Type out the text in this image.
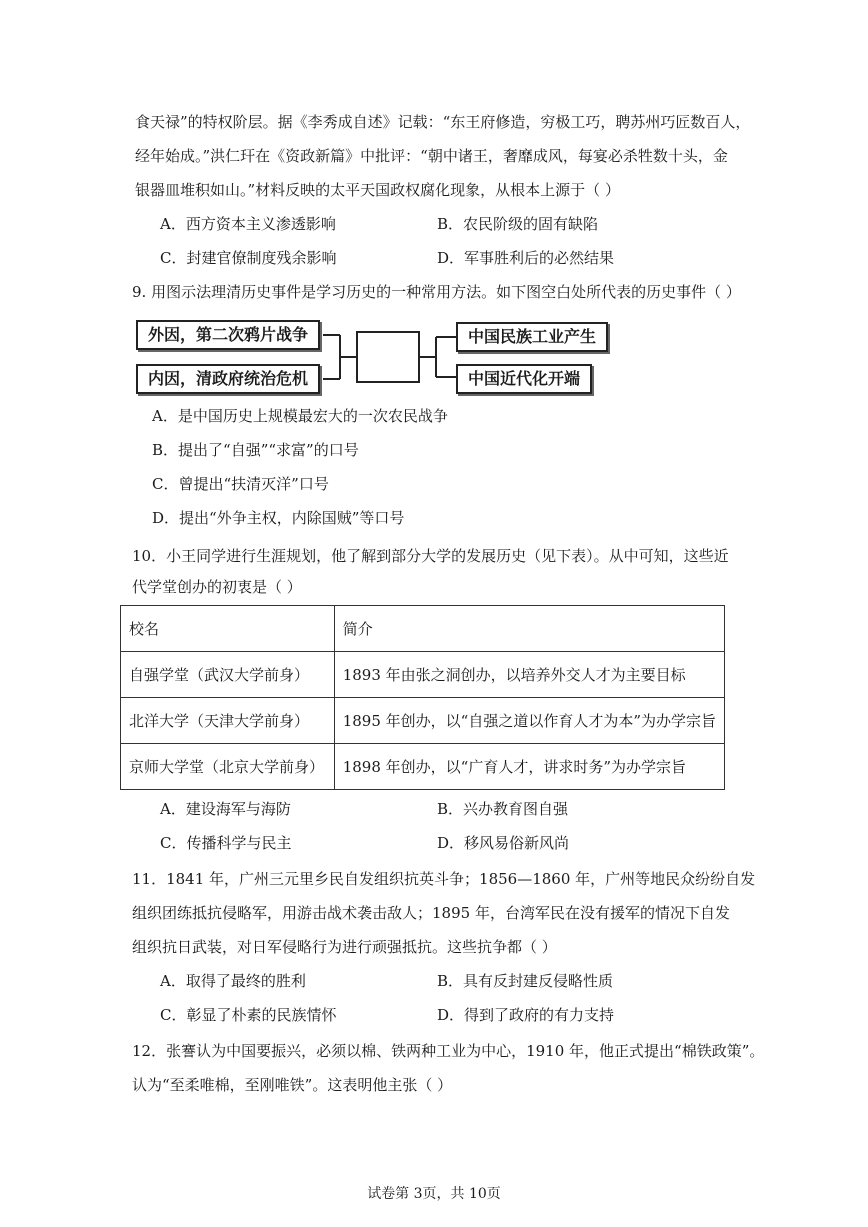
食天禄”的特权阶层。据《李秀成自述》记载：“东王府修造，穷极工巧，聘苏州巧匠数百人，
经年始成。”洪仁玕在《资政新篇》中批评：“朝中诸王，奢靡成风，每宴必杀牲数十头，金
银器皿堆积如山。”材料反映的太平天国政权腐化现象，从根本上源于（ ）
A．西方资本主义渗透影响	B．农民阶级的固有缺陷
C．封建官僚制度残余影响	D．军事胜利后的必然结果
9. 用图示法理清历史事件是学习历史的一种常用方法。如下图空白处所代表的历史事件（ ）
外因，第二次鸦片战争
内因，清政府统治危机
中国民族工业产生
中国近代化开端
A．是中国历史上规模最宏大的一次农民战争
B．提出了“自强”“求富”的口号
C．曾提出“扶清灭洋”口号
D．提出“外争主权，内除国贼”等口号
10．小王同学进行生涯规划，他了解到部分大学的发展历史（见下表）。从中可知，这些近
代学堂创办的初衷是（ ）
校名	简介
自强学堂（武汉大学前身）	1893 年由张之洞创办，以培养外交人才为主要目标
北洋大学（天津大学前身）	1895 年创办，以“自强之道以作育人才为本”为办学宗旨
京师大学堂（北京大学前身）	1898 年创办，以“广育人才，讲求时务”为办学宗旨
A．建设海军与海防	B．兴办教育图自强
C．传播科学与民主	D．移风易俗新风尚
11．1841 年，广州三元里乡民自发组织抗英斗争；1856—1860 年，广州等地民众纷纷自发
组织团练抵抗侵略军，用游击战术袭击敌人；1895 年，台湾军民在没有援军的情况下自发
组织抗日武装，对日军侵略行为进行顽强抵抗。这些抗争都（ ）
A．取得了最终的胜利	B．具有反封建反侵略性质
C．彰显了朴素的民族情怀	D．得到了政府的有力支持
12．张謇认为中国要振兴，必须以棉、铁两种工业为中心，1910 年，他正式提出“棉铁政策”。
认为“至柔唯棉，至刚唯铁”。这表明他主张（ ）
试卷第 3页，共 10页
